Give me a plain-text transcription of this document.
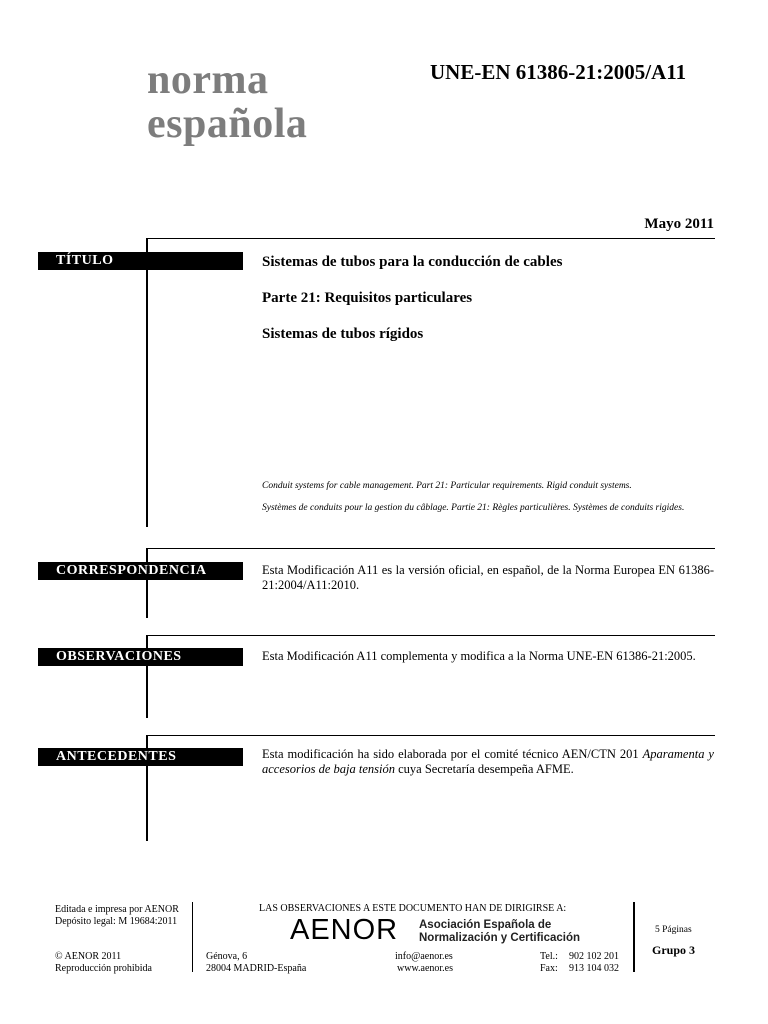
norma
española
UNE-EN 61386-21:2005/A11
Mayo 2011
TÍTULO	Sistemas de tubos para la conducción de cables
Parte 21: Requisitos particulares
Sistemas de tubos rígidos
Conduit systems for cable management. Part 21: Particular requirements. Rigid conduit systems.
Systèmes de conduits pour la gestion du câblage. Partie 21: Règles particulières. Systèmes de conduits rigides.
CORRESPONDENCIA	Esta Modificación A11 es la versión oficial, en español, de la Norma Europea EN 61386-21:2004/A11:2010.
OBSERVACIONES	Esta Modificación A11 complementa y modifica a la Norma UNE-EN 61386-21:2005.
ANTECEDENTES	Esta modificación ha sido elaborada por el comité técnico AEN/CTN 201 Aparamenta y accesorios de baja tensión cuya Secretaría desempeña AFME.
Editada e impresa por AENOR
Depósito legal: M 19684:2011
© AENOR 2011
Reproducción prohibida
LAS OBSERVACIONES A ESTE DOCUMENTO HAN DE DIRIGIRSE A:
AENOR Asociación Española de
Normalización y Certificación
Génova, 6
28004 MADRID-España
info@aenor.es
www.aenor.es
Tel.: 902 102 201
Fax: 913 104 032
5 Páginas
Grupo 3
